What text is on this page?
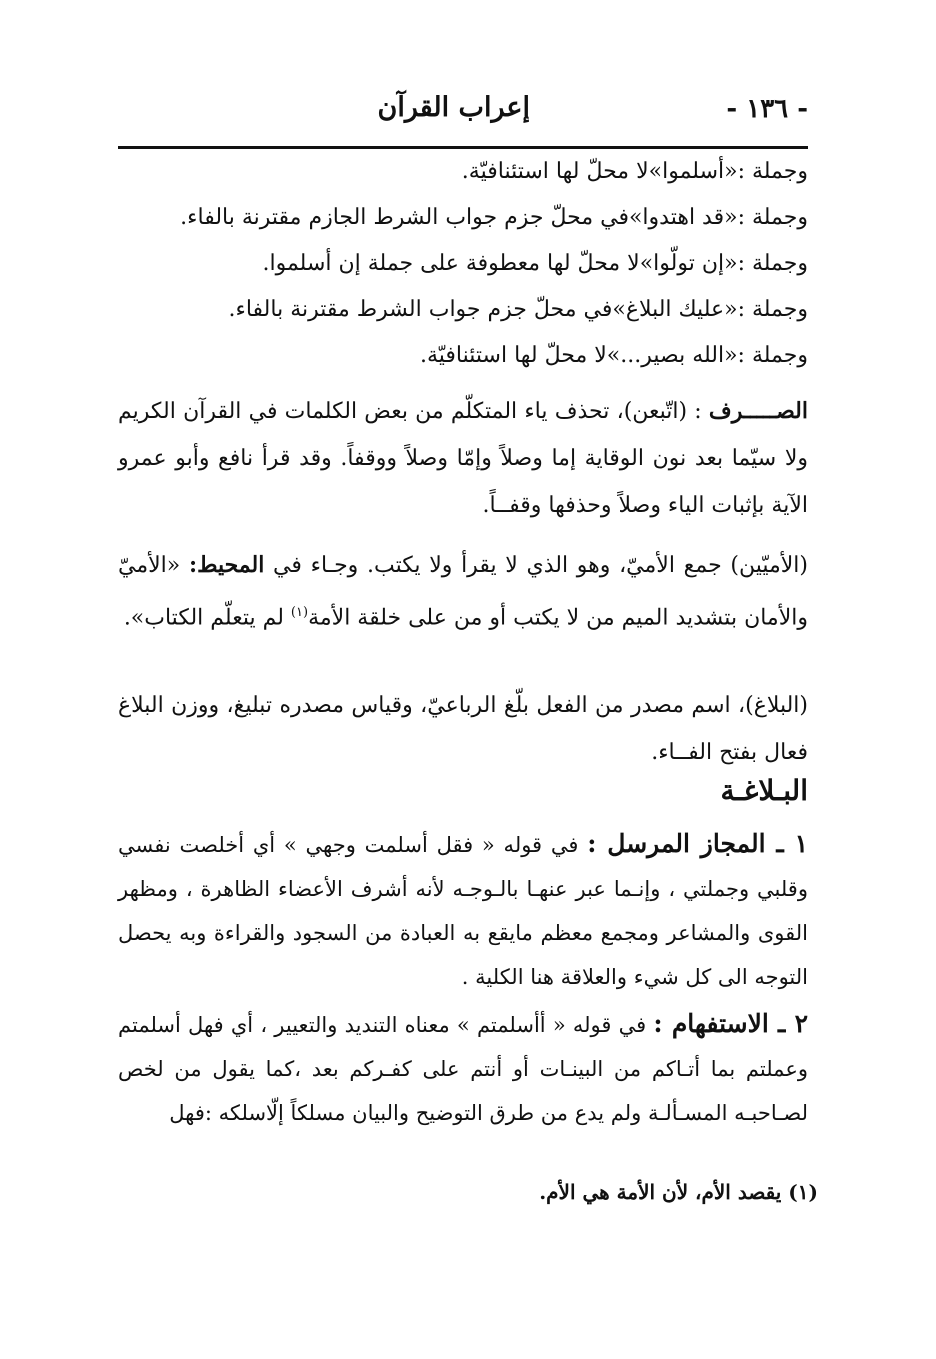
- ١٣٦ -
إعراب القرآن
وجملة :«أسلموا»لا محلّ لها استئنافيّة.
وجملة :«قد اهتدوا»في محلّ جزم جواب الشرط الجازم مقترنة بالفاء.
وجملة :«إن تولّوا»لا محلّ لها معطوفة على جملة إن أسلموا.
وجملة :«عليك البلاغ»في محلّ جزم جواب الشرط مقترنة بالفاء.
وجملة :«الله بصير...»لا محلّ لها استئنافيّة.

الصـــــرف : (اتّبعن)، تحذف ياء المتكلّم من بعض الكلمات في القرآن الكريم ولا سيّما بعد نون الوقاية إما وصلاً وإمّا وصلاً ووقفاً. وقد قرأ نافع وأبو عمرو الآية بإثبات الياء وصلاً وحذفها وقفــاً.

(الأميّين) جمع الأميّ، وهو الذي لا يقرأ ولا يكتب. وجـاء في المحيط: «الأميّ والأمان بتشديد الميم من لا يكتب أو من على خلقة الأمة$^{(١)}$ لم يتعلّم الكتاب».

(البلاغ)، اسم مصدر من الفعل بلّغ الرباعيّ، وقياس مصدره تبليغ، ووزن البلاغ فعال بفتح الفــاء.

البـلاغـة

١ ـ المجاز المرسل : في قوله « فقل أسلمت وجهي » أي أخلصت نفسي وقلبي وجملتي ، وإنـما عبر عنهـا بالـوجـه لأنه أشرف الأعضاء الظاهرة ، ومظهر القوى والمشاعر ومجمع معظم مايقع به العبادة من السجود والقراءة وبه يحصل التوجه الى كل شيء والعلاقة هنا الكلية .

٢ ـ الاستفهام : في قوله « أأسلمتم » معناه التنديد والتعيير ، أي فهل أسلمتم وعملتم بما أتـاكم من البينـات أو أنتم على كفـركم بعد ،كما يقول من لخص لصـاحبـه المسـألـة ولم يدع من طرق التوضيح والبيان مسلكاً إلّاسلكه :فهل

(١) يقصد الأم، لأن الأمة هي الأم.
